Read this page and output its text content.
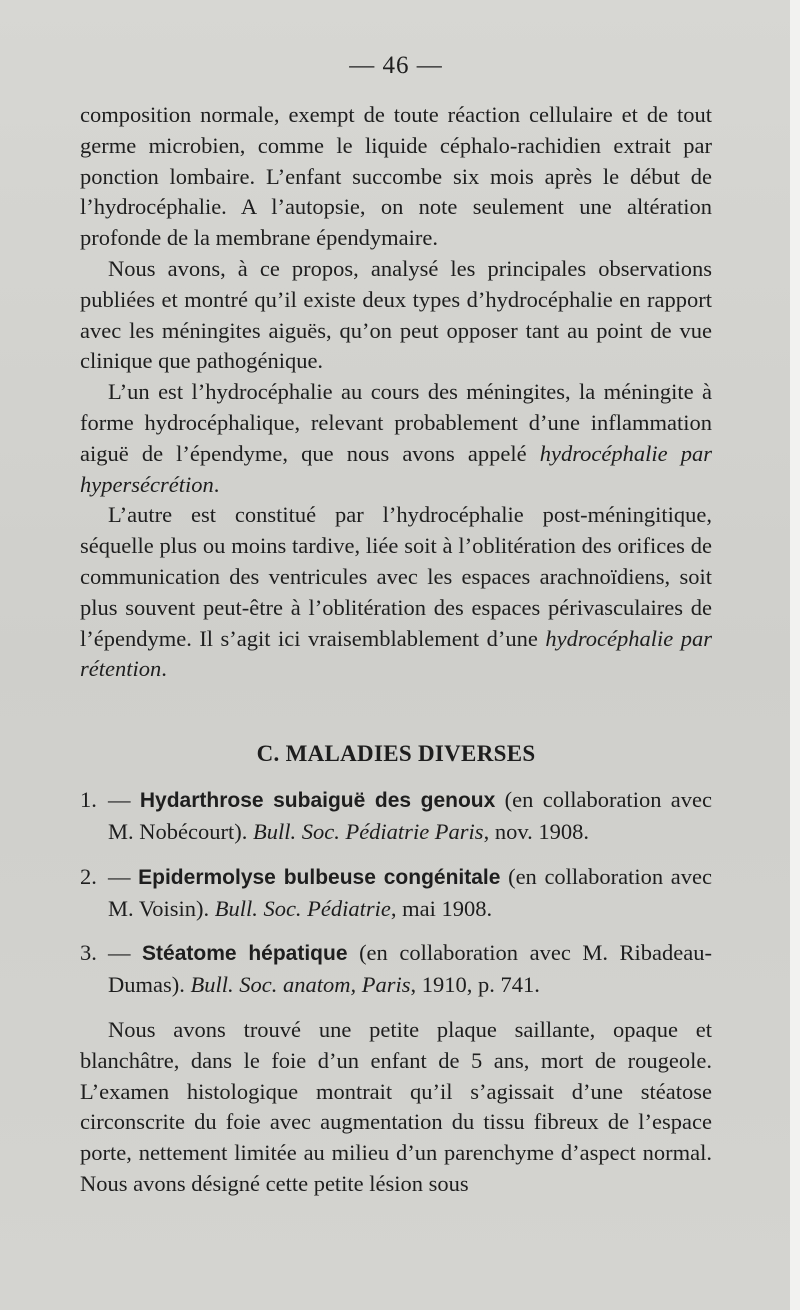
— 46 —

composition normale, exempt de toute réaction cellulaire et de tout germe microbien, comme le liquide céphalo-rachidien extrait par ponction lombaire. L’enfant succombe six mois après le début de l’hydrocéphalie. A l’autopsie, on note seulement une altération profonde de la membrane épendymaire.

Nous avons, à ce propos, analysé les principales observations publiées et montré qu’il existe deux types d’hydrocéphalie en rapport avec les méningites aiguës, qu’on peut opposer tant au point de vue clinique que pathogénique.

L’un est l’hydrocéphalie au cours des méningites, la méningite à forme hydrocéphalique, relevant probablement d’une inflammation aiguë de l’épendyme, que nous avons appelé hydrocéphalie par hypersécrétion.

L’autre est constitué par l’hydrocéphalie post-méningitique, séquelle plus ou moins tardive, liée soit à l’oblitération des orifices de communication des ventricules avec les espaces arachnoïdiens, soit plus souvent peut-être à l’oblitération des espaces périvasculaires de l’épendyme. Il s’agit ici vraisemblablement d’une hydrocéphalie par rétention.

C. MALADIES DIVERSES

1. — Hydarthrose subaiguë des genoux (en collaboration avec M. Nobécourt). Bull. Soc. Pédiatrie Paris, nov. 1908.

2. — Epidermolyse bulbeuse congénitale (en collaboration avec M. Voisin). Bull. Soc. Pédiatrie, mai 1908.

3. — Stéatome hépatique (en collaboration avec M. Ribadeau-Dumas). Bull. Soc. anatom, Paris, 1910, p. 741.

Nous avons trouvé une petite plaque saillante, opaque et blanchâtre, dans le foie d’un enfant de 5 ans, mort de rougeole. L’examen histologique montrait qu’il s’agissait d’une stéatose circonscrite du foie avec augmentation du tissu fibreux de l’espace porte, nettement limitée au milieu d’un parenchyme d’aspect normal. Nous avons désigné cette petite lésion sous
